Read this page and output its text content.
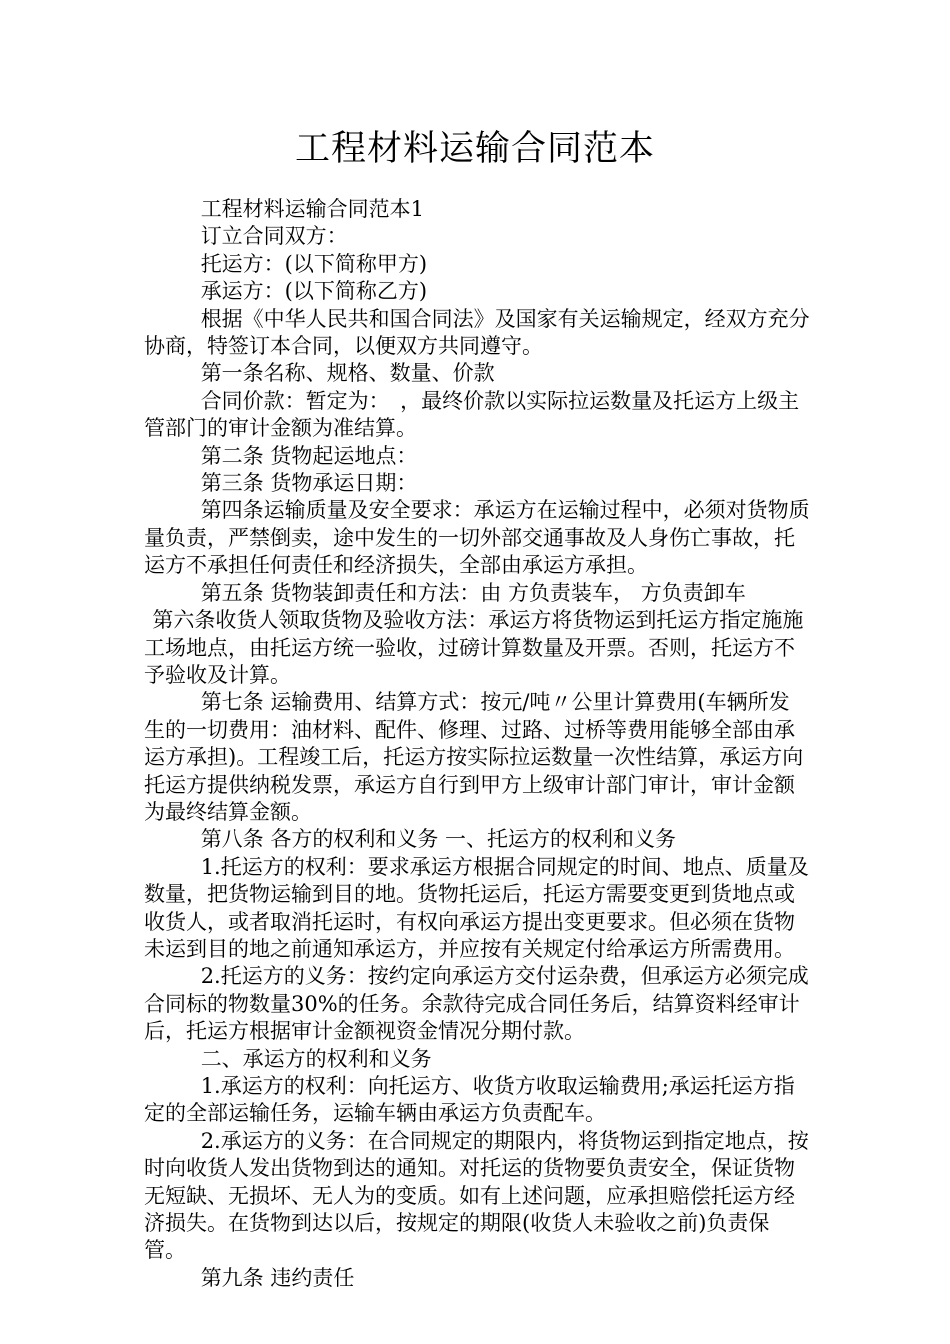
工程材料运输合同范本

工程材料运输合同范本1

订立合同双方：

托运方：(以下简称甲方)

承运方：(以下简称乙方)

根据《中华人民共和国合同法》及国家有关运输规定，经双方充分协商，特签订本合同，以便双方共同遵守。

第一条名称、规格、数量、价款

合同价款：暂定为：　，最终价款以实际拉运数量及托运方上级主管部门的审计金额为准结算。

第二条 货物起运地点：

第三条 货物承运日期：

第四条运输质量及安全要求：承运方在运输过程中，必须对货物质量负责，严禁倒卖，途中发生的一切外部交通事故及人身伤亡事故，托运方不承担任何责任和经济损失，全部由承运方承担。

第五条 货物装卸责任和方法：由 方负责装车， 方负责卸车

第六条收货人领取货物及验收方法：承运方将货物运到托运方指定施施工场地点，由托运方统一验收，过磅计算数量及开票。否则，托运方不予验收及计算。

第七条 运输费用、结算方式：按元/吨〃公里计算费用(车辆所发生的一切费用：油材料、配件、修理、过路、过桥等费用能够全部由承运方承担)。工程竣工后，托运方按实际拉运数量一次性结算，承运方向托运方提供纳税发票，承运方自行到甲方上级审计部门审计，审计金额为最终结算金额。

第八条 各方的权利和义务 一、托运方的权利和义务

1.托运方的权利：要求承运方根据合同规定的时间、地点、质量及数量，把货物运输到目的地。货物托运后，托运方需要变更到货地点或收货人，或者取消托运时，有权向承运方提出变更要求。但必须在货物未运到目的地之前通知承运方，并应按有关规定付给承运方所需费用。

2.托运方的义务：按约定向承运方交付运杂费，但承运方必须完成合同标的物数量30%的任务。余款待完成合同任务后，结算资料经审计后，托运方根据审计金额视资金情况分期付款。

二、承运方的权利和义务

1.承运方的权利：向托运方、收货方收取运输费用;承运托运方指定的全部运输任务，运输车辆由承运方负责配车。

2.承运方的义务：在合同规定的期限内，将货物运到指定地点，按时向收货人发出货物到达的通知。对托运的货物要负责安全，保证货物无短缺、无损坏、无人为的变质。如有上述问题，应承担赔偿托运方经济损失。在货物到达以后，按规定的期限(收货人未验收之前)负责保管。

第九条 违约责任
